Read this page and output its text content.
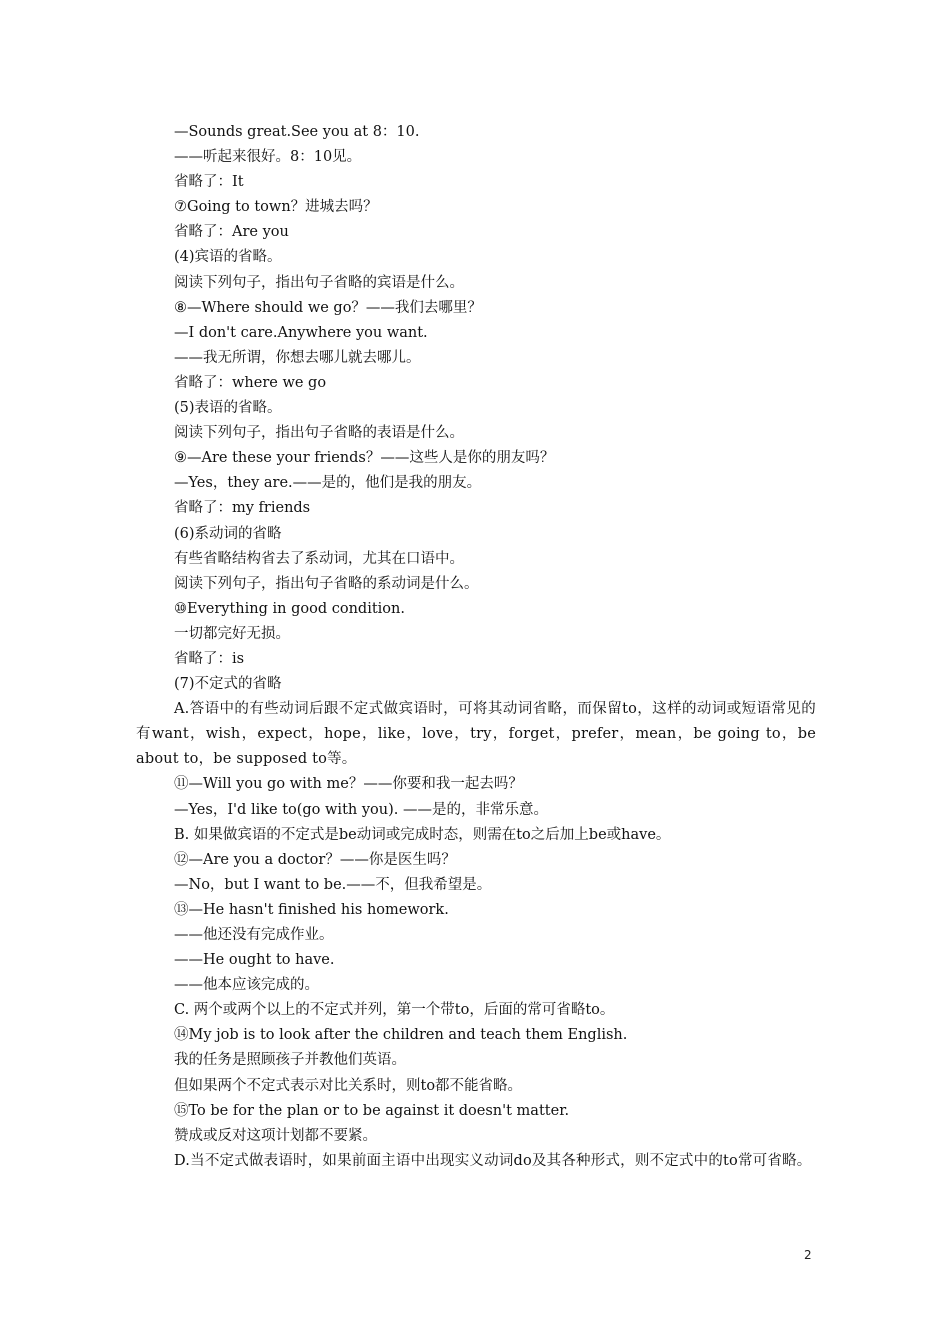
—Sounds great.See you at 8：10.
——听起来很好。8：10见。
省略了：It
⑦Going to town？进城去吗？
省略了：Are you
(4)宾语的省略。
阅读下列句子，指出句子省略的宾语是什么。
⑧—Where should we go？——我们去哪里？
—I don't care.Anywhere you want.
——我无所谓，你想去哪儿就去哪儿。
省略了：where we go
(5)表语的省略。
阅读下列句子，指出句子省略的表语是什么。
⑨—Are these your friends？——这些人是你的朋友吗？
—Yes，they are.——是的，他们是我的朋友。
省略了：my friends
(6)系动词的省略
有些省略结构省去了系动词，尤其在口语中。
阅读下列句子，指出句子省略的系动词是什么。
⑩Everything in good condition.
一切都完好无损。
省略了：is
(7)不定式的省略
A.答语中的有些动词后跟不定式做宾语时，可将其动词省略，而保留to，这样的动词或短语常见的有want，wish，expect，hope，like，love，try，forget，prefer，mean，be going to，be about to，be supposed to等。
⑪—Will you go with me？——你要和我一起去吗？
—Yes，I'd like to(go with you). ——是的，非常乐意。
B. 如果做宾语的不定式是be动词或完成时态，则需在to之后加上be或have。
⑫—Are you a doctor？——你是医生吗？
—No，but I want to be.——不，但我希望是。
⑬—He hasn't finished his homework.
——他还没有完成作业。
——He ought to have.
——他本应该完成的。
C. 两个或两个以上的不定式并列，第一个带to，后面的常可省略to。
⑭My job is to look after the children and teach them English.
我的任务是照顾孩子并教他们英语。
但如果两个不定式表示对比关系时，则to都不能省略。
⑮To be for the plan or to be against it doesn't matter.
赞成或反对这项计划都不要紧。
D.当不定式做表语时，如果前面主语中出现实义动词do及其各种形式，则不定式中的to常可省略。
2
